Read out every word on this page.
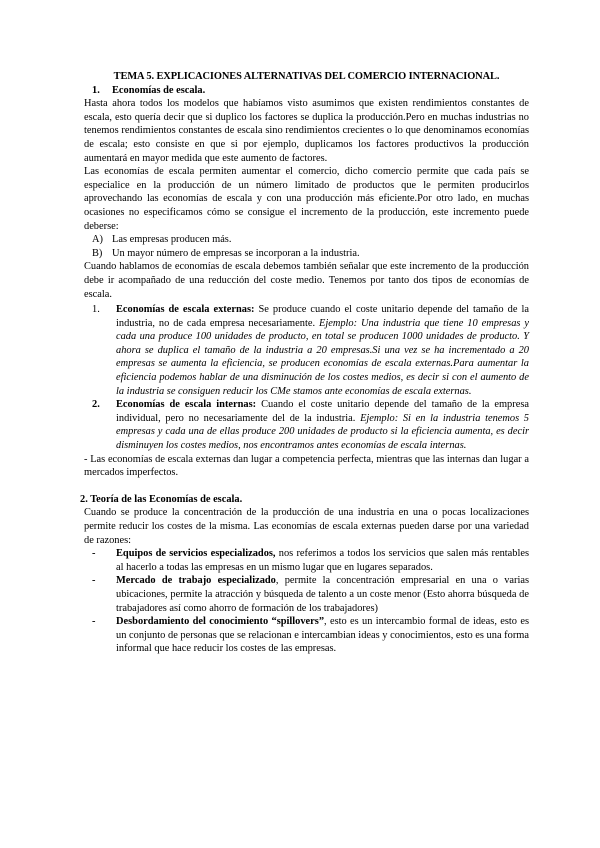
TEMA 5. EXPLICACIONES ALTERNATIVAS DEL COMERCIO INTERNACIONAL.

1. Economías de escala.

Hasta ahora todos los modelos que habíamos visto asumimos que existen rendimientos constantes de escala, esto quería decir que si duplico los factores se duplica la producción.Pero en muchas industrias no tenemos rendimientos constantes de escala sino rendimientos crecientes o lo que denominamos economías de escala; esto consiste en que si por ejemplo, duplicamos los factores productivos la producción aumentará en mayor medida que este aumento de factores.

Las economías de escala permiten aumentar el comercio, dicho comercio permite que cada país se especialice en la producción de un número limitado de productos que le permiten producirlos aprovechando las economías de escala y con una producción más eficiente.Por otro lado, en muchas ocasiones no especificamos cómo se consigue el incremento de la producción, este incremento puede deberse:

A) Las empresas producen más.

B) Un mayor número de empresas se incorporan a la industria.

Cuando hablamos de economías de escala debemos también señalar que este incremento de la producción debe ir acompañado de una reducción del coste medio. Tenemos por tanto dos tipos de economías de escala.

1. Economías de escala externas: Se produce cuando el coste unitario depende del tamaño de la industria, no de cada empresa necesariamente. Ejemplo: Una industria que tiene 10 empresas y cada una produce 100 unidades de producto, en total se producen 1000 unidades de producto. Y ahora se duplica el tamaño de la industria a 20 empresas.Si una vez se ha incrementado a 20 empresas se aumenta la eficiencia, se producen economías de escala externas.Para aumentar la eficiencia podemos hablar de una disminución de los costes medios, es decir si con el aumento de la industria se consiguen reducir los CMe stamos ante economías de escala externas.
2. Economías de escala internas: Cuando el coste unitario depende del tamaño de la empresa individual, pero no necesariamente del de la industria. Ejemplo: Si en la industria tenemos 5 empresas y cada una de ellas produce 200 unidades de producto si la eficiencia aumenta, es decir disminuyen los costes medios, nos encontramos antes economías de escala internas.

- Las economías de escala externas dan lugar a competencia perfecta, mientras que las internas dan lugar a mercados imperfectos.

2. Teoría de las Economías de escala.

Cuando se produce la concentración de la producción de una industria en una o pocas localizaciones permite reducir los costes de la misma. Las economías de escala externas pueden darse por una variedad de razones:

- Equipos de servicios especializados, nos referimos a todos los servicios que salen más rentables al hacerlo a todas las empresas en un mismo lugar que en lugares separados.
- Mercado de trabajo especializado, permite la concentración empresarial en una o varias ubicaciones, permite la atracción y búsqueda de talento a un coste menor (Esto ahorra búsqueda de trabajadores así como ahorro de formación de los trabajadores)
- Desbordamiento del conocimiento “spillovers”, esto es un intercambio formal de ideas, esto es un conjunto de personas que se relacionan e intercambian ideas y conocimientos, esto es una forma informal que hace reducir los costes de las empresas.
